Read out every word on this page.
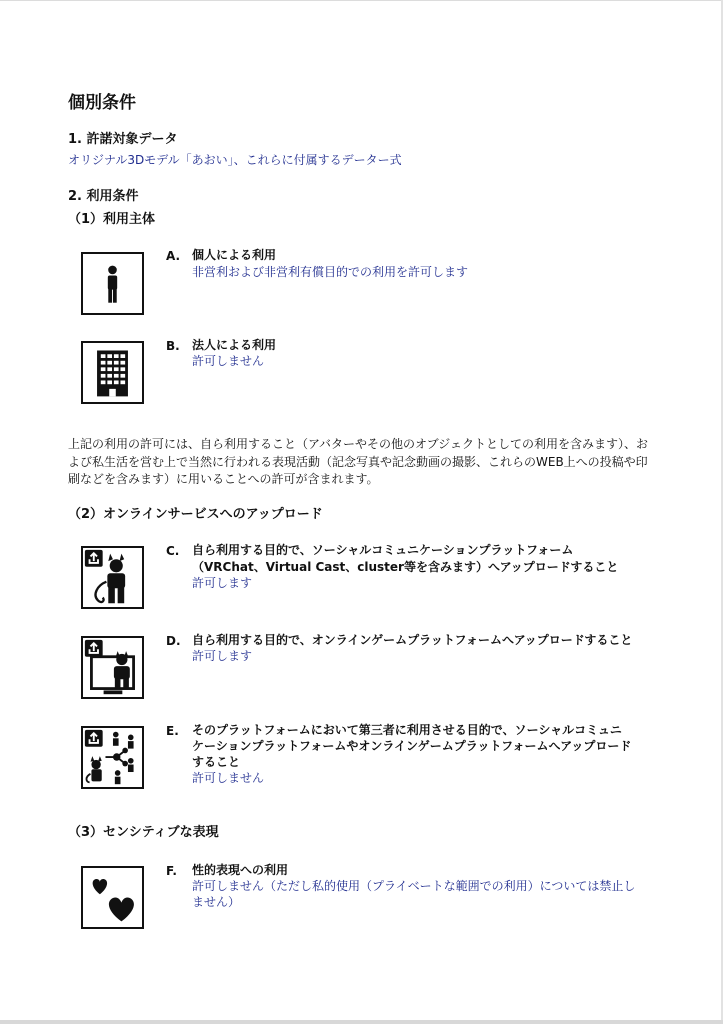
個別条件
1. 許諾対象データ
オリジナル3Dモデル「あおい」、これらに付属するデーター式
2. 利用条件
（1）利用主体
A. 個人による利用
非営利および非営利有償目的での利用を許可します
B. 法人による利用
許可しません
上記の利用の許可には、自ら利用すること（アバターやその他のオブジェクトとしての利用を含みます）、および私生活を営む上で当然に行われる表現活動（記念写真や記念動画の撮影、これらのWEB上への投稿や印刷などを含みます）に用いることへの許可が含まれます。
（2）オンラインサービスへのアップロード
C. 自ら利用する目的で、ソーシャルコミュニケーションプラットフォーム
（VRChat、Virtual Cast、cluster等を含みます）へアップロードすること
許可します
D. 自ら利用する目的で、オンラインゲームプラットフォームへアップロードすること
許可します
E. そのプラットフォームにおいて第三者に利用させる目的で、ソーシャルコミュニ
ケーションプラットフォームやオンラインゲームプラットフォームへアップロード
すること
許可しません
（3）センシティブな表現
F. 性的表現への利用
許可しません（ただし私的使用（プライベートな範囲での利用）については禁止し
ません）
